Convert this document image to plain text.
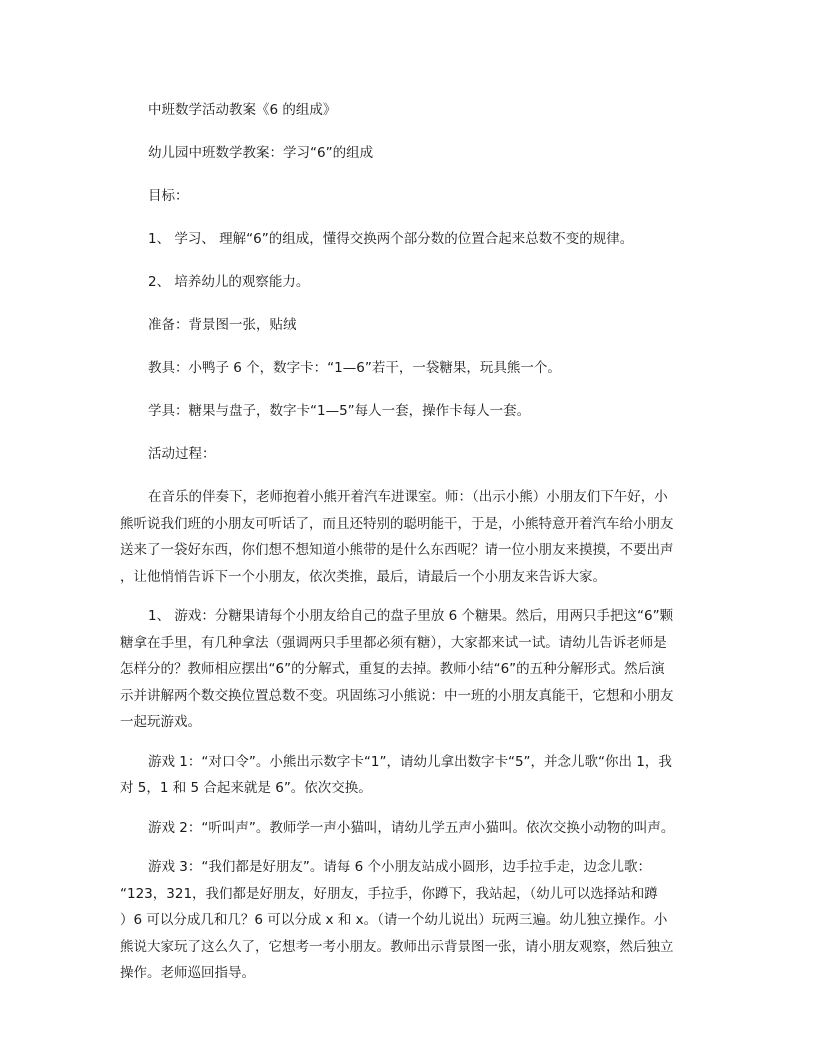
中班数学活动教案《6 的组成》

幼儿园中班数学教案：学习“6”的组成

目标：

1、 学习、 理解“6”的组成，懂得交换两个部分数的位置合起来总数不变的规律。

2、 培养幼儿的观察能力。

准备：背景图一张，贴绒

教具：小鸭子 6 个，数字卡：“1—6”若干，一袋糖果，玩具熊一个。

学具：糖果与盘子，数字卡“1—5”每人一套，操作卡每人一套。

活动过程：

在音乐的伴奏下，老师抱着小熊开着汽车进课室。师：（出示小熊）小朋友们下午好，小
熊听说我们班的小朋友可听话了，而且还特别的聪明能干，于是，小熊特意开着汽车给小朋友
送来了一袋好东西，你们想不想知道小熊带的是什么东西呢？请一位小朋友来摸摸，不要出声
，让他悄悄告诉下一个小朋友，依次类推，最后，请最后一个小朋友来告诉大家。
1、 游戏：分糖果请每个小朋友给自己的盘子里放 6 个糖果。然后，用两只手把这“6”颗
糖拿在手里，有几种拿法（强调两只手里都必须有糖），大家都来试一试。请幼儿告诉老师是
怎样分的？教师相应摆出“6”的分解式，重复的去掉。教师小结“6”的五种分解形式。然后演
示并讲解两个数交换位置总数不变。巩固练习小熊说：中一班的小朋友真能干，它想和小朋友
一起玩游戏。
游戏 1：“对口令”。小熊出示数字卡“1”，请幼儿拿出数字卡“5”，并念儿歌“你出 1，我
对 5，1 和 5 合起来就是 6”。依次交换。
游戏 2：“听叫声”。教师学一声小猫叫，请幼儿学五声小猫叫。依次交换小动物的叫声。
游戏 3：“我们都是好朋友”。请每 6 个小朋友站成小圆形，边手拉手走，边念儿歌：
“123，321，我们都是好朋友，好朋友，手拉手，你蹲下，我站起，（幼儿可以选择站和蹲
）6 可以分成几和几？6 可以分成 x 和 x。（请一个幼儿说出）玩两三遍。幼儿独立操作。小
熊说大家玩了这么久了，它想考一考小朋友。教师出示背景图一张，请小朋友观察，然后独立
操作。老师巡回指导。
